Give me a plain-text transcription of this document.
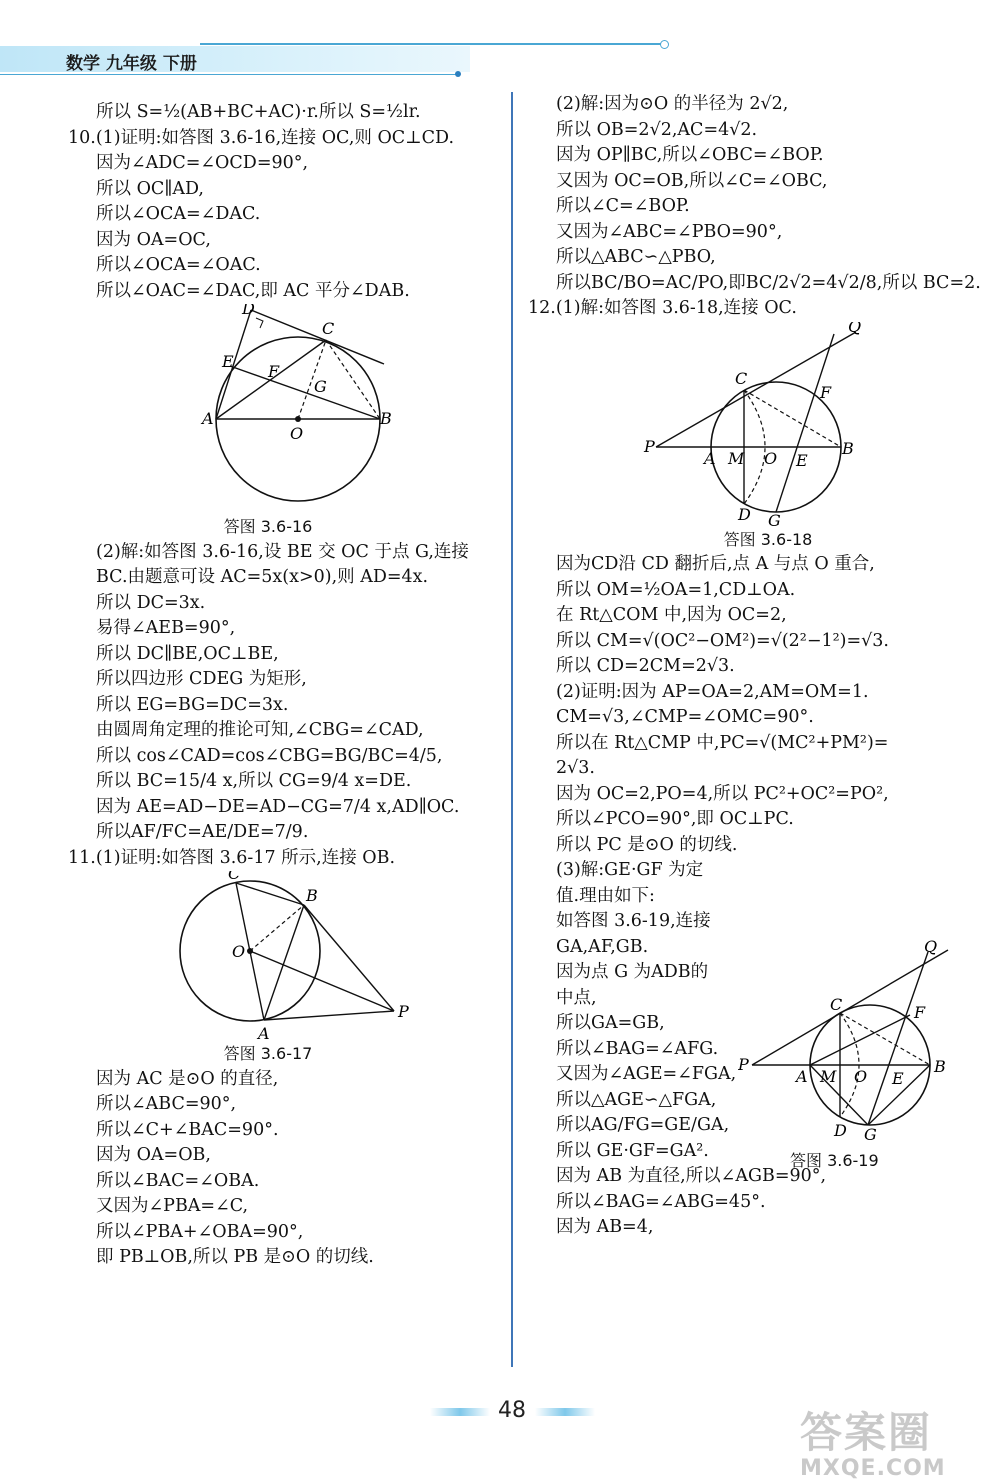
数学 九年级 下册
所以 S=½(AB+BC+AC)·r.所以 S=½lr.
10.(1)证明:如答图 3.6-16,连接 OC,则 OC⊥CD.
因为∠ADC=∠OCD=90°,
所以 OC∥AD,
所以∠OCA=∠DAC.
因为 OA=OC,
所以∠OCA=∠OAC.
所以∠OAC=∠DAC,即 AC 平分∠DAB.
D
C
E
F
G
A	B
O
答图 3.6-16
(2)解:如答图 3.6-16,设 BE 交 OC 于点 G,连接
BC.由题意可设 AC=5x(x>0),则 AD=4x.
所以 DC=3x.
易得∠AEB=90°,
所以 DC∥BE,OC⊥BE,
所以四边形 CDEG 为矩形,
所以 EG=BG=DC=3x.
由圆周角定理的推论可知,∠CBG=∠CAD,
所以 cos∠CAD=cos∠CBG=BG/BC=4/5,
所以 BC=15/4 x,所以 CG=9/4 x=DE.
因为 AE=AD−DE=AD−CG=7/4 x,AD∥OC.
所以AF/FC=AE/DE=7/9.
11.(1)证明:如答图 3.6-17 所示,连接 OB.
C
B
O
A
P
答图 3.6-17
因为 AC 是⊙O 的直径,
所以∠ABC=90°,
所以∠C+∠BAC=90°.
因为 OA=OB,
所以∠BAC=∠OBA.
又因为∠PBA=∠C,
所以∠PBA+∠OBA=90°,
即 PB⊥OB,所以 PB 是⊙O 的切线.
(2)解:因为⊙O 的半径为 2√2,
所以 OB=2√2,AC=4√2.
因为 OP∥BC,所以∠OBC=∠BOP.
又因为 OC=OB,所以∠C=∠OBC,
所以∠C=∠BOP.
又因为∠ABC=∠PBO=90°,
所以△ABC∽△PBO,
所以BC/BO=AC/PO,即BC/2√2=4√2/8,所以 BC=2.
12.(1)解:如答图 3.6-18,连接 OC.
Q
C
F
P
A M O E
B
D G
答图 3.6-18
因为CD沿 CD 翻折后,点 A 与点 O 重合,
所以 OM=½OA=1,CD⊥OA.
在 Rt△COM 中,因为 OC=2,
所以 CM=√(OC²−OM²)=√(2²−1²)=√3.
所以 CD=2CM=2√3.
(2)证明:因为 AP=OA=2,AM=OM=1.
CM=√3,∠CMP=∠OMC=90°.
所以在 Rt△CMP 中,PC=√(MC²+PM²)=
2√3.
因为 OC=2,PO=4,所以 PC²+OC²=PO²,
所以∠PCO=90°,即 OC⊥PC.
所以 PC 是⊙O 的切线.
(3)解:GE·GF 为定
值.理由如下:
如答图 3.6-19,连接
GA,AF,GB.
因为点 G 为ADB的
中点,
所以GA=GB,
所以∠BAG=∠AFG.
又因为∠AGE=∠FGA,
所以△AGE∽△FGA,
所以AG/FG=GE/GA,
所以 GE·GF=GA².
因为 AB 为直径,所以∠AGB=90°,
所以∠BAG=∠ABG=45°.
因为 AB=4,
Q
C	F
P
A M O E
B
D G
答图 3.6-19
48	答案圈
MXQE.COM
